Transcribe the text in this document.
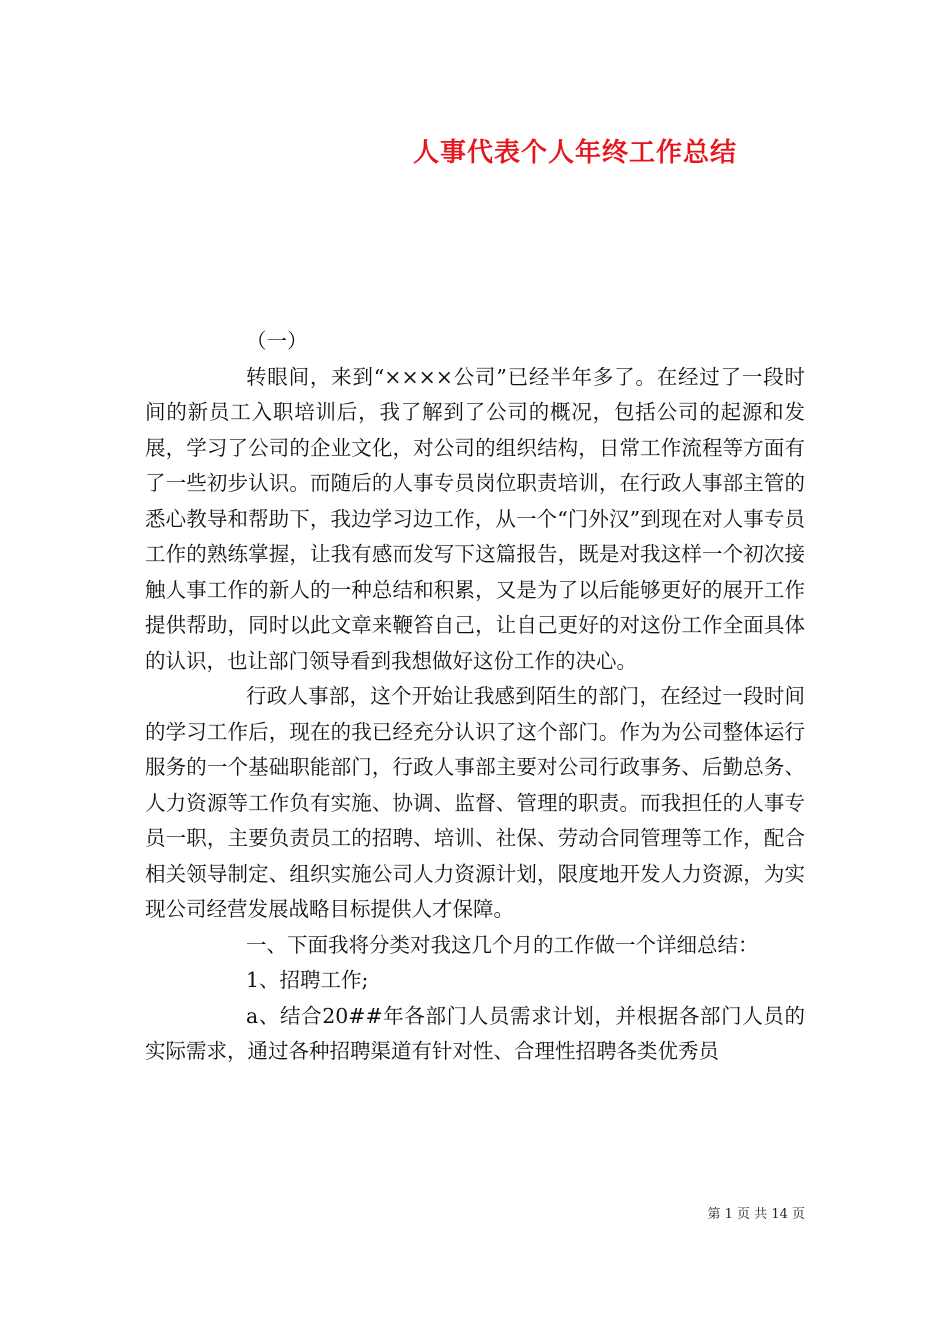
人事代表个人年终工作总结

（一）

转眼间，来到“××××公司”已经半年多了。在经过了一段时间的新员工入职培训后，我了解到了公司的概况，包括公司的起源和发展，学习了公司的企业文化，对公司的组织结构，日常工作流程等方面有了一些初步认识。而随后的人事专员岗位职责培训，在行政人事部主管的悉心教导和帮助下，我边学习边工作，从一个“门外汉”到现在对人事专员工作的熟练掌握，让我有感而发写下这篇报告，既是对我这样一个初次接触人事工作的新人的一种总结和积累，又是为了以后能够更好的展开工作提供帮助，同时以此文章来鞭笞自己，让自己更好的对这份工作全面具体的认识，也让部门领导看到我想做好这份工作的决心。

行政人事部，这个开始让我感到陌生的部门，在经过一段时间的学习工作后，现在的我已经充分认识了这个部门。作为为公司整体运行服务的一个基础职能部门，行政人事部主要对公司行政事务、后勤总务、人力资源等工作负有实施、协调、监督、管理的职责。而我担任的人事专员一职，主要负责员工的招聘、培训、社保、劳动合同管理等工作，配合相关领导制定、组织实施公司人力资源计划，限度地开发人力资源，为实现公司经营发展战略目标提供人才保障。

一、下面我将分类对我这几个月的工作做一个详细总结：

1、招聘工作;

a、结合20##年各部门人员需求计划，并根据各部门人员的实际需求，通过各种招聘渠道有针对性、合理性招聘各类优秀员

第 1 页 共 14 页
